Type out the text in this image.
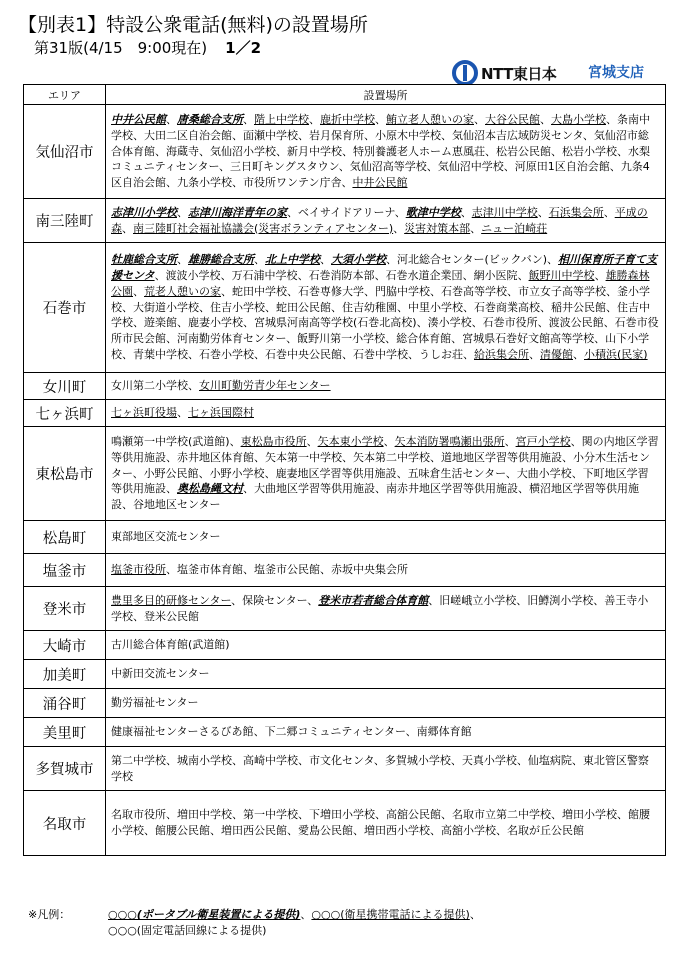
【別表1】特設公衆電話(無料)の設置場所
第31版(4/15　9:00現在) 1／2
NTT東日本 宮城支店
エリア	設置場所
気仙沼市	中井公民館、唐桑総合支所、階上中学校、鹿折中学校、鮪立老人憩いの家、大谷公民館、大島小学校、条南中学校、大田二区自治会館、面瀬中学校、岩月保育所、小原木中学校、気仙沼本吉広域防災センタ、気仙沼市総合体育館、海蔵寺、気仙沼小学校、新月中学校、特別養護老人ホーム恵風荘、松岩公民館、松岩小学校、水梨コミュニティセンター、三日町キングスタウン、気仙沼高等学校、気仙沼中学校、河原田1区自治会館、九条4区自治会館、九条小学校、市役所ワンテン庁舎、中井公民館
南三陸町	志津川小学校、志津川海洋青年の家、ベイサイドアリーナ、歌津中学校、志津川中学校、石浜集会所、平成の森、南三陸町社会福祉協議会(災害ボランティアセンター)、災害対策本部、ニュー泊崎荘
石巻市	牡鹿総合支所、雄勝総合支所、北上中学校、大須小学校、河北総合センター(ビックバン)、相川保育所子育て支援センタ、渡波小学校、万石浦中学校、石巻消防本部、石巻水道企業団、網小医院、飯野川中学校、雄勝森林公園、荒老人憩いの家、蛇田中学校、石巻専修大学、門脇中学校、石巻高等学校、市立女子高等学校、釜小学校、大街道小学校、住吉小学校、蛇田公民館、住吉幼稚園、中里小学校、石巻商業高校、稲井公民館、住吉中学校、遊楽館、鹿妻小学校、宮城県河南高等学校(石巻北高校)、湊小学校、石巻市役所、渡波公民館、石巻市役所市民会館、河南勤労体育センター、飯野川第一小学校、総合体育館、宮城県石巻好文館高等学校、山下小学校、青葉中学校、石巻小学校、石巻中央公民館、石巻中学校、うしお荘、給浜集会所、清優館、小積浜(民家)
女川町	女川第二小学校、女川町勤労青少年センター
七ヶ浜町	七ヶ浜町役場、七ヶ浜国際村
東松島市	鳴瀬第一中学校(武道館)、東松島市役所、矢本東小学校、矢本消防署鳴瀬出張所、宮戸小学校、関の内地区学習等供用施設、赤井地区体育館、矢本第一中学校、矢本第二中学校、道地地区学習等供用施設、小分木生活センター、小野公民館、小野小学校、鹿妻地区学習等供用施設、五味倉生活センター、大曲小学校、下町地区学習等供用施設、奥松島縄文村、大曲地区学習等供用施設、南赤井地区学習等供用施設、横沼地区学習等供用施設、谷地地区センター
松島町	東部地区交流センター
塩釜市	塩釜市役所、塩釜市体育館、塩釜市公民館、赤坂中央集会所
登米市	豊里多目的研修センター、保険センター、登米市若者総合体育館、旧嵯峨立小学校、旧鱒渕小学校、善王寺小学校、登米公民館
大崎市	古川総合体育館(武道館)
加美町	中新田交流センター
涌谷町	勤労福祉センター
美里町	健康福祉センターさるびあ館、下二郷コミュニティセンター、南郷体育館
多賀城市	第二中学校、城南小学校、高崎中学校、市文化センタ、多賀城小学校、天真小学校、仙塩病院、東北管区警察学校
名取市	名取市役所、増田中学校、第一中学校、下増田小学校、高舘公民館、名取市立第二中学校、増田小学校、館腰小学校、館腰公民館、増田西公民館、愛島公民館、増田西小学校、高舘小学校、名取が丘公民館
※凡例：	○○○(ポータブル衛星装置による提供)、○○○(衛星携帯電話による提供)、
○○○(固定電話回線による提供)
